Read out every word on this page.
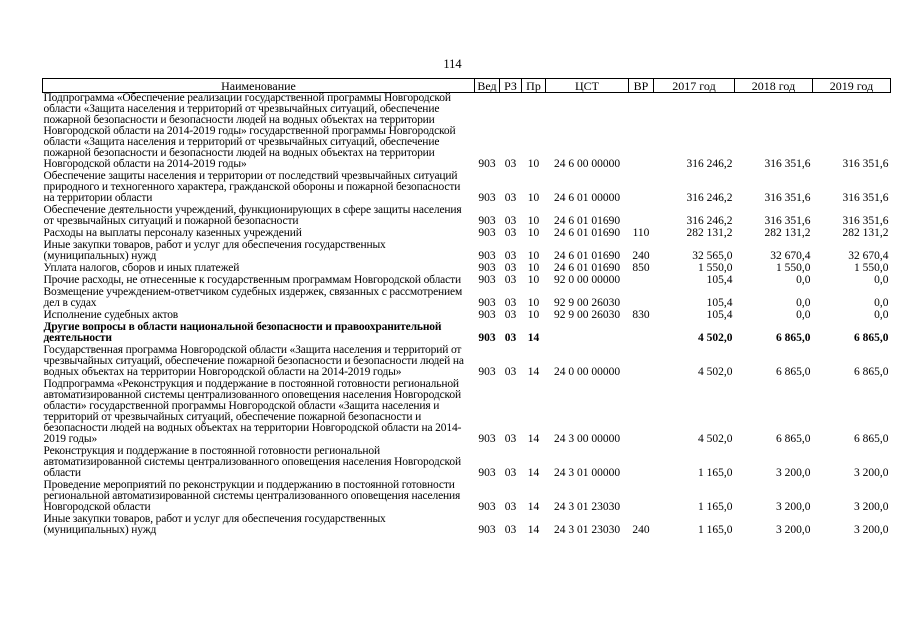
114
Наименование	Вед	РЗ	Пр	ЦСТ	ВР	2017 год	2018 год	2019 год
Подпрограмма «Обеспечение реализации государственной программы Новгородской области «Защита населения и территорий от чрезвычайных ситуаций, обеспечение пожарной безопасности и безопасности людей на водных объектах на территории Новгородской области на 2014-2019 годы» государственной программы Новгородской области «Защита населения и территорий от чрезвычайных ситуаций, обеспечение пожарной безопасности и безопасности людей на водных объектах на территории Новгородской области на 2014-2019 годы»	903	03	10	24 6 00 00000		316 246,2	316 351,6	316 351,6
Обеспечение защиты населения и территории от последствий чрезвычайных ситуаций природного и техногенного характера, гражданской обороны и пожарной безопасности на территории области	903	03	10	24 6 01 00000		316 246,2	316 351,6	316 351,6
Обеспечение деятельности учреждений, функционирующих в сфере защиты населения от чрезвычайных ситуаций и пожарной безопасности	903	03	10	24 6 01 01690		316 246,2	316 351,6	316 351,6
Расходы на выплаты персоналу казенных учреждений	903	03	10	24 6 01 01690	110	282 131,2	282 131,2	282 131,2
Иные закупки товаров, работ и услуг для обеспечения государственных (муниципальных) нужд	903	03	10	24 6 01 01690	240	32 565,0	32 670,4	32 670,4
Уплата налогов, сборов и иных платежей	903	03	10	24 6 01 01690	850	1 550,0	1 550,0	1 550,0
Прочие расходы, не отнесенные к государственным программам Новгородской области	903	03	10	92 0 00 00000		105,4	0,0	0,0
Возмещение учреждением-ответчиком судебных издержек, связанных с рассмотрением дел в судах	903	03	10	92 9 00 26030		105,4	0,0	0,0
Исполнение судебных актов	903	03	10	92 9 00 26030	830	105,4	0,0	0,0
Другие вопросы в области национальной безопасности и правоохранительной деятельности	903	03	14			4 502,0	6 865,0	6 865,0
Государственная программа Новгородской области «Защита населения и территорий от чрезвычайных ситуаций, обеспечение пожарной безопасности и безопасности людей на водных объектах на территории Новгородской области на 2014-2019 годы»	903	03	14	24 0 00 00000		4 502,0	6 865,0	6 865,0
Подпрограмма «Реконструкция и поддержание в постоянной готовности региональной автоматизированной системы централизованного оповещения населения Новгородской области» государственной программы Новгородской области «Защита населения и территорий от чрезвычайных ситуаций, обеспечение пожарной безопасности и безопасности людей на водных объектах на территории Новгородской области на 2014-2019 годы»	903	03	14	24 3 00 00000		4 502,0	6 865,0	6 865,0
Реконструкция и поддержание в постоянной готовности региональной автоматизированной системы централизованного оповещения населения Новгородской области	903	03	14	24 3 01 00000		1 165,0	3 200,0	3 200,0
Проведение мероприятий по реконструкции и поддержанию в постоянной готовности региональной автоматизированной системы централизованного оповещения населения Новгородской области	903	03	14	24 3 01 23030		1 165,0	3 200,0	3 200,0
Иные закупки товаров, работ и услуг для обеспечения государственных (муниципальных) нужд	903	03	14	24 3 01 23030	240	1 165,0	3 200,0	3 200,0
